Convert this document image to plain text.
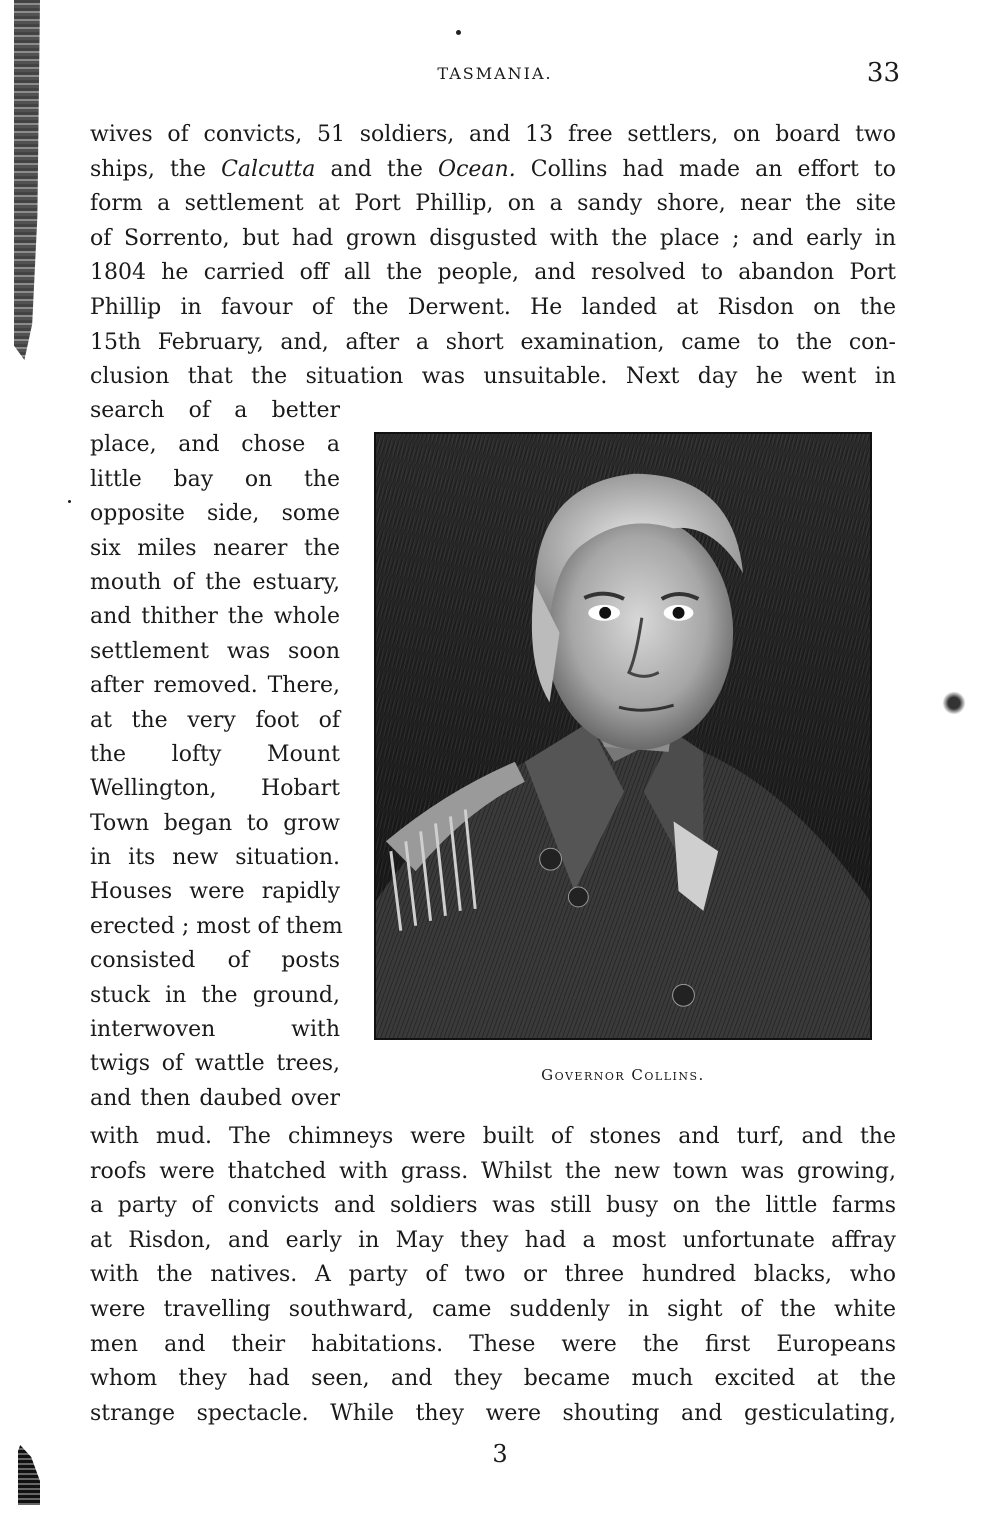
TASMANIA.	33
wives of convicts, 51 soldiers, and 13 free settlers, on board two
ships, the Calcutta and the Ocean. Collins had made an effort to
form a settlement at Port Phillip, on a sandy shore, near the site
of Sorrento, but had grown disgusted with the place ; and early in
1804 he carried off all the people, and resolved to abandon Port
Phillip in favour of the Derwent. He landed at Risdon on the
15th February, and, after a short examination, came to the con-
clusion that the situation was unsuitable. Next day he went in
search of a better
place, and chose a
little bay on the
opposite side, some
six miles nearer the
mouth of the estuary,
and thither the whole
settlement was soon
after removed. There,
at the very foot of
the lofty Mount
Wellington, Hobart
Town began to grow
in its new situation.
Houses were rapidly
erected ; most of them
consisted of posts
stuck in the ground,
interwoven with
twigs of wattle trees,
and then daubed over
Governor Collins.
with mud. The chimneys were built of stones and turf, and the
roofs were thatched with grass. Whilst the new town was growing,
a party of convicts and soldiers was still busy on the little farms
at Risdon, and early in May they had a most unfortunate affray
with the natives. A party of two or three hundred blacks, who
were travelling southward, came suddenly in sight of the white
men and their habitations. These were the first Europeans
whom they had seen, and they became much excited at the
strange spectacle. While they were shouting and gesticulating,
3
